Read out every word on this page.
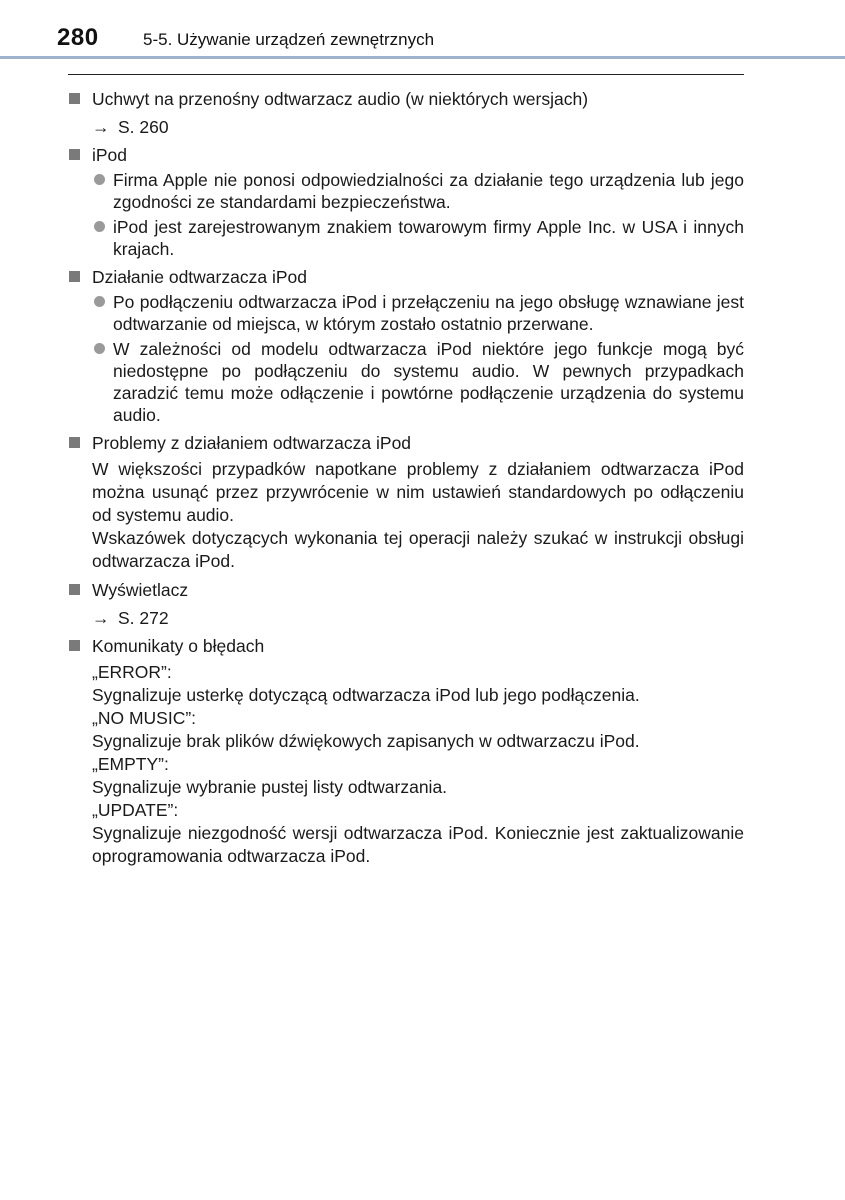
280	5-5. Używanie urządzeń zewnętrznych
Uchwyt na przenośny odtwarzacz audio (w niektórych wersjach)
→ S. 260
iPod
Firma Apple nie ponosi odpowiedzialności za działanie tego urządzenia lub jego zgodności ze standardami bezpieczeństwa.
iPod jest zarejestrowanym znakiem towarowym firmy Apple Inc. w USA i innych krajach.
Działanie odtwarzacza iPod
Po podłączeniu odtwarzacza iPod i przełączeniu na jego obsługę wznawiane jest odtwarzanie od miejsca, w którym zostało ostatnio przerwane.
W zależności od modelu odtwarzacza iPod niektóre jego funkcje mogą być niedostępne po podłączeniu do systemu audio. W pewnych przypadkach zaradzić temu może odłączenie i powtórne podłączenie urządzenia do systemu audio.
Problemy z działaniem odtwarzacza iPod
W większości przypadków napotkane problemy z działaniem odtwarzacza iPod można usunąć przez przywrócenie w nim ustawień standardowych po odłączeniu od systemu audio.
Wskazówek dotyczących wykonania tej operacji należy szukać w instrukcji obsługi odtwarzacza iPod.
Wyświetlacz
→ S. 272
Komunikaty o błędach
„ERROR”:
Sygnalizuje usterkę dotyczącą odtwarzacza iPod lub jego podłączenia.
„NO MUSIC”:
Sygnalizuje brak plików dźwiękowych zapisanych w odtwarzaczu iPod.
„EMPTY”:
Sygnalizuje wybranie pustej listy odtwarzania.
„UPDATE”:
Sygnalizuje niezgodność wersji odtwarzacza iPod. Koniecznie jest zaktualizowanie oprogramowania odtwarzacza iPod.
